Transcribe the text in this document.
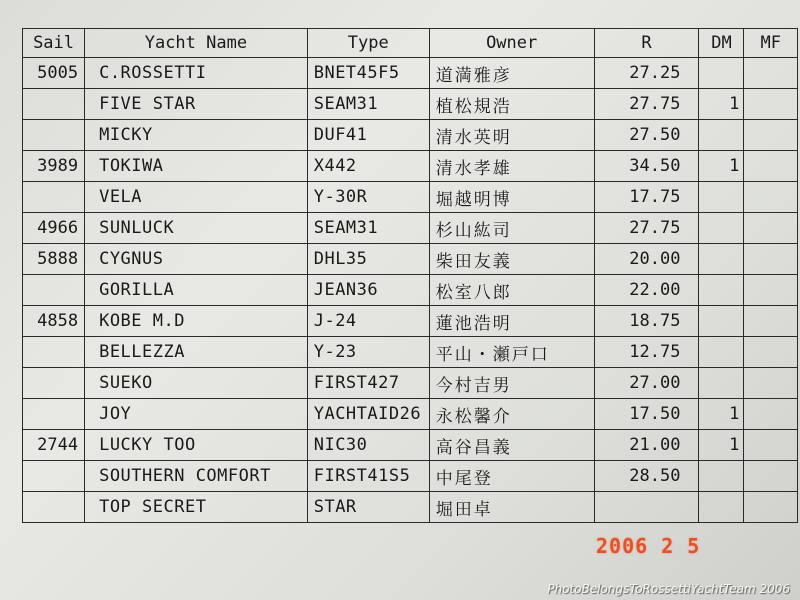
Sail	Yacht Name	Type	Owner	R	DM	MF
5005	C.ROSSETTI	BNET45F5	道満雅彦	27.25		
	FIVE STAR	SEAM31	植松規浩	27.75	1	
	MICKY	DUF41	清水英明	27.50		
3989	TOKIWA	X442	清水孝雄	34.50	1	
	VELA	Y-30R	堀越明博	17.75		
4966	SUNLUCK	SEAM31	杉山紘司	27.75		
5888	CYGNUS	DHL35	柴田友義	20.00		
	GORILLA	JEAN36	松室八郎	22.00		
4858	KOBE M.D	J-24	蓮池浩明	18.75		
	BELLEZZA	Y-23	平山・瀬戸口	12.75		
	SUEKO	FIRST427	今村吉男	27.00		
	JOY	YACHTAID26	永松馨介	17.50	1	
2744	LUCKY TOO	NIC30	高谷昌義	21.00	1	
	SOUTHERN COMFORT	FIRST41S5	中尾登	28.50		
	TOP SECRET	STAR	堀田卓			
2006 2 5
PhotoBelongsToRossettiYachtTeam 2006
